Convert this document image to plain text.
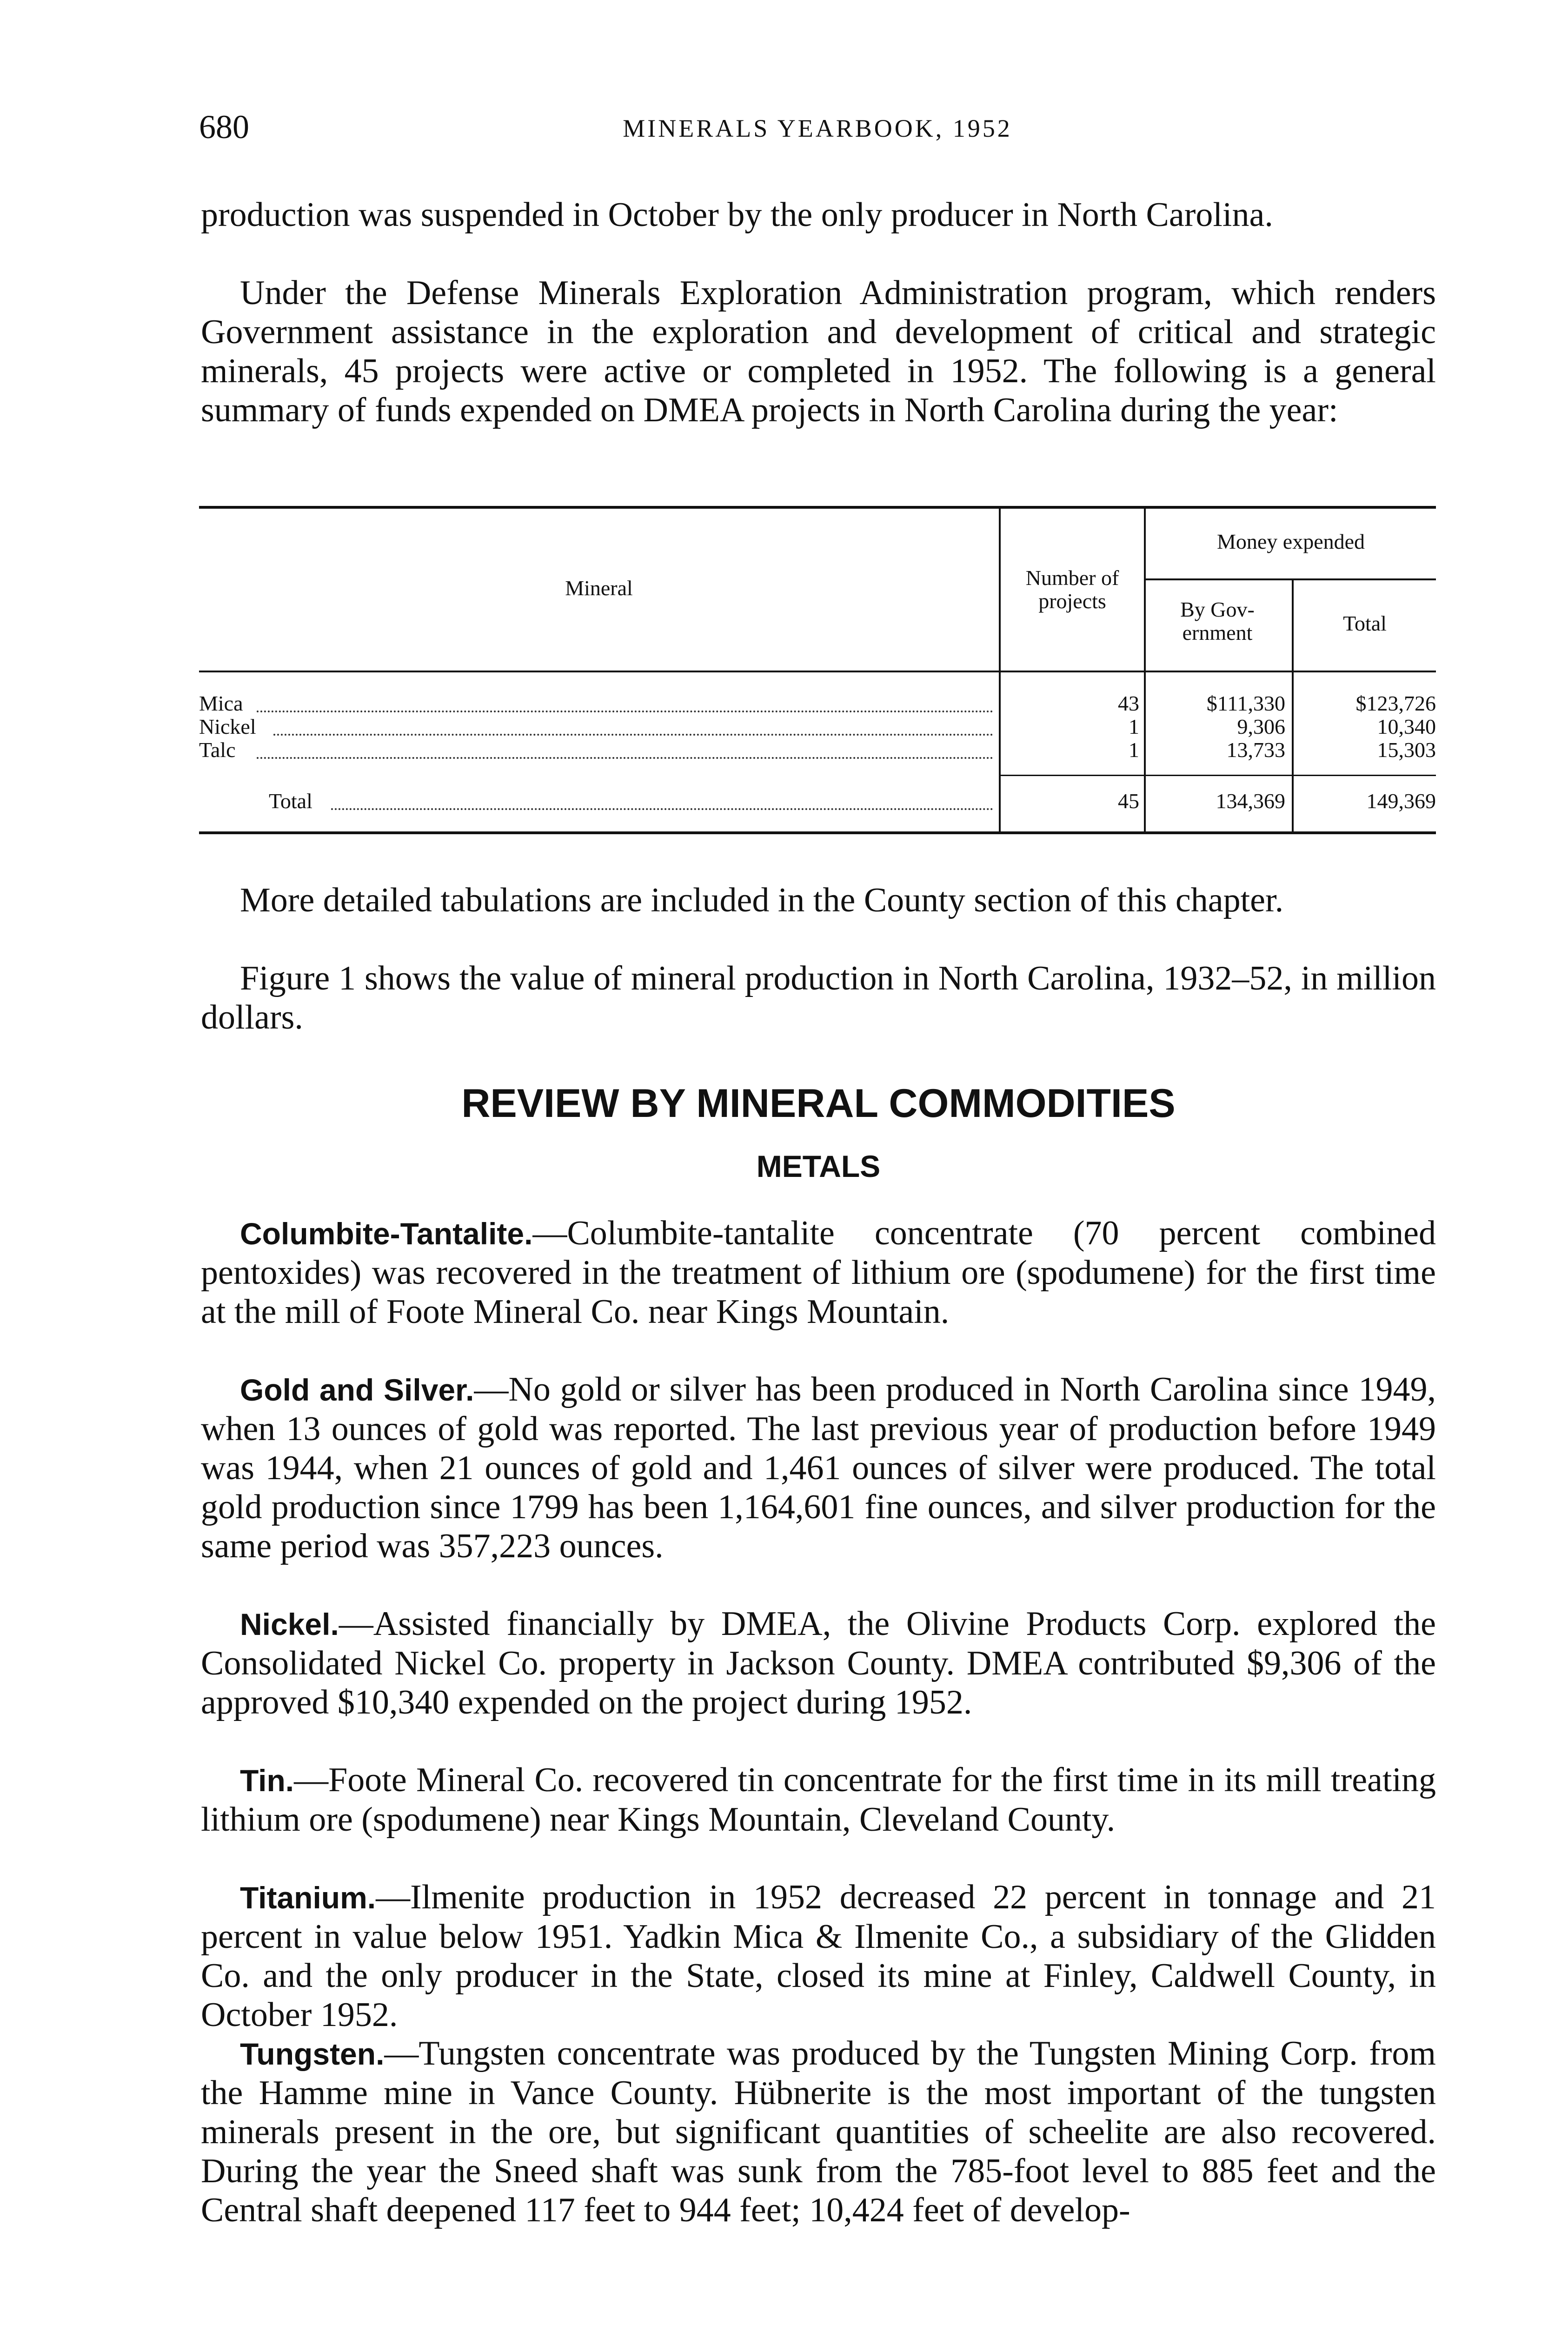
680	MINERALS YEARBOOK, 1952

production was suspended in October by the only producer in North Carolina.

Under the Defense Minerals Exploration Administration program, which renders Government assistance in the exploration and development of critical and strategic minerals, 45 projects were active or completed in 1952. The following is a general summary of funds expended on DMEA projects in North Carolina during the year:

Mineral	Number of projects
Money expended
By Gov- ernment	Total
Mica	43	$111,330	$123,726
Nickel	1	9,306	10,340
Talc	1	13,733	15,303
Total	45	134,369	149,369

More detailed tabulations are included in the County section of this chapter.

Figure 1 shows the value of mineral production in North Carolina, 1932–52, in million dollars.

REVIEW BY MINERAL COMMODITIES
METALS

Columbite-Tantalite.—Columbite-tantalite concentrate (70 percent combined pentoxides) was recovered in the treatment of lithium ore (spodumene) for the first time at the mill of Foote Mineral Co. near Kings Mountain.

Gold and Silver.—No gold or silver has been produced in North Carolina since 1949, when 13 ounces of gold was reported. The last previous year of production before 1949 was 1944, when 21 ounces of gold and 1,461 ounces of silver were produced. The total gold production since 1799 has been 1,164,601 fine ounces, and silver production for the same period was 357,223 ounces.

Nickel.—Assisted financially by DMEA, the Olivine Products Corp. explored the Consolidated Nickel Co. property in Jackson County. DMEA contributed $9,306 of the approved $10,340 expended on the project during 1952.

Tin.—Foote Mineral Co. recovered tin concentrate for the first time in its mill treating lithium ore (spodumene) near Kings Mountain, Cleveland County.

Titanium.—Ilmenite production in 1952 decreased 22 percent in tonnage and 21 percent in value below 1951. Yadkin Mica & Ilmenite Co., a subsidiary of the Glidden Co. and the only producer in the State, closed its mine at Finley, Caldwell County, in October 1952.

Tungsten.—Tungsten concentrate was produced by the Tungsten Mining Corp. from the Hamme mine in Vance County. Hübnerite is the most important of the tungsten minerals present in the ore, but significant quantities of scheelite are also recovered. During the year the Sneed shaft was sunk from the 785-foot level to 885 feet and the Central shaft deepened 117 feet to 944 feet; 10,424 feet of develop-
